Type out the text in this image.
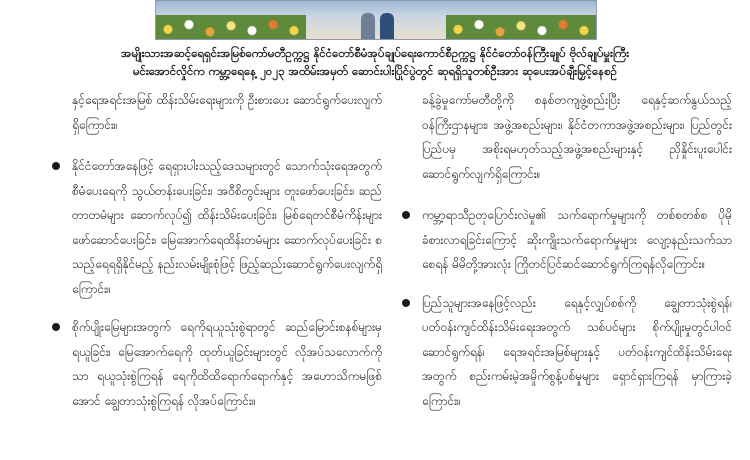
အမျိုးသားအဆင့်ရေရှင်းအမြစ်ကော်မတီဥက္ကဋ္ဌ နိုင်ငံတော်စီမံအုပ်ချုပ်ရေးကောင်စီဥက္ကဋ္ဌ နိုင်ငံတော်ဝန်ကြီးချုပ် ဗိုလ်ချုပ်မှူးကြီး

မင်းအောင်လှိုင်က ကမ္ဘာ့ရေနေ့ ၂၀၂၃ အထိမ်းအမှတ် ဆောင်းပါးပြိုင်ပွဲတွင် ဆုရရှိသူတစ်ဦးအား ဆုပေးအပ်ချီးမြှင့်နေစဉ်

နှင့်ရေအရင်းအမြစ် ထိန်းသိမ်းရေးများကို ဦးစားပေး ဆောင်ရွက်ပေးလျက်ရှိကြောင်း။

နိုင်ငံတော်အနေဖြင့် ရေရှားပါးသည့်ဒေသများတွင် သောက်သုံးရေအတွက် စီမံပေးရေကို သွယ်တန်းပေးခြင်း၊ အဝီစိတွင်းများ တူးဖော်ပေးခြင်း၊ ဆည်တာတမံများ ဆောက်လုပ်၍ ထိန်းသိမ်းပေးခြင်း၊ မြစ်ရေတင်စီမံကိန်းများ ဖော်ဆောင်ပေးခြင်း၊ မြေအောက်ရေထိန်းတမံများ ဆောက်လုပ်ပေးခြင်း စသည့်ရေရရှိနိုင်မည့် နည်းလမ်းမျိုးစုံဖြင့် ဖြည့်ဆည်းဆောင်ရွက်ပေးလျက်ရှိကြောင်း။
စိုက်ပျိုးမြေများအတွက် ရေကိုရယူသုံးစွဲရာတွင် ဆည်မြောင်းစနစ်များမှ ရယူခြင်း၊ မြေအောက်ရေကို ထုတ်ယူခြင်းများတွင် လိုအပ်သလောက်ကိုသာ ရယူသုံးစွဲကြရန် ရေကိုထိထိရောက်ရောက်နှင့် အဟောသိကမဖြစ်အောင် ချွေတာသုံးစွဲကြရန် လိုအပ်ကြောင်း။

ခန့်ခွဲမှုကော်မတီတို့ကို စနစ်တကျဖွဲ့စည်းပြီး ရေနှင့်ဆက်နွယ်သည့် ဝန်ကြီးဌာနများ၊ အဖွဲ့အစည်းများ၊ နိုင်ငံတကာအဖွဲ့အစည်းများ၊ ပြည်တွင်းပြည်ပမှ အစိုးရမဟုတ်သည့်အဖွဲ့အစည်းများနှင့် ညှိနှိုင်းပူးပေါင်းဆောင်ရွက်လျက်ရှိကြောင်း။

ကမ္ဘာ့ရာသီဥတုပြောင်းလဲမှု၏ သက်ရောက်မှုများကို တစ်စတစ်စ ပိုမိုခံစားလာရခြင်းကြောင့် ဆိုးကျိုးသက်ရောက်မှုများ လျော့နည်းသက်သာစေရန် မိမိတို့အားလုံး ကြိုတင်ပြင်ဆင်ဆောင်ရွက်ကြရန်လိုကြောင်း။
ပြည်သူများအနေဖြင့်လည်း ရေနှင့်လျှပ်စစ်ကို ချွေတာသုံးစွဲရန်၊ ပတ်ဝန်းကျင်ထိန်းသိမ်းရေးအတွက် သစ်ပင်များ စိုက်ပျိုးမှုတွင်ပါဝင်ဆောင်ရွက်ရန်၊ ရေအရင်းအမြစ်များနှင့် ပတ်ဝန်းကျင်ထိန်းသိမ်းရေးအတွက် စည်းကမ်းမဲ့အမှိုက်စွန့်ပစ်မှုများ ရှောင်ရှားကြရန် မှာကြားခဲ့ကြောင်း။
